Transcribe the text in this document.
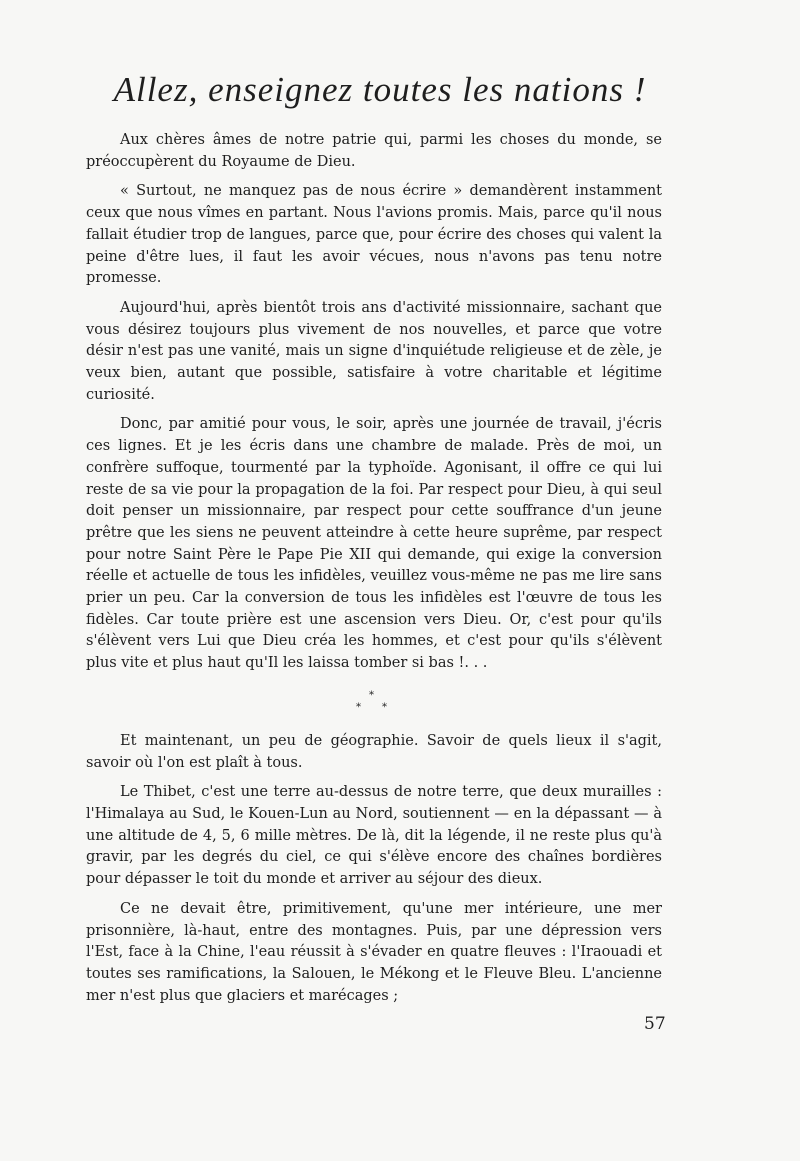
Allez, enseignez toutes les nations !

Aux chères âmes de notre patrie qui, parmi les choses du monde, se préoccupèrent du Royaume de Dieu.

« Surtout, ne manquez pas de nous écrire » demandèrent instamment ceux que nous vîmes en partant. Nous l'avions promis. Mais, parce qu'il nous fallait étudier trop de langues, parce que, pour écrire des choses qui valent la peine d'être lues, il faut les avoir vécues, nous n'avons pas tenu notre promesse.

Aujourd'hui, après bientôt trois ans d'activité missionnaire, sachant que vous désirez toujours plus vivement de nos nouvelles, et parce que votre désir n'est pas une vanité, mais un signe d'inquiétude religieuse et de zèle, je veux bien, autant que possible, satisfaire à votre charitable et légitime curiosité.

Donc, par amitié pour vous, le soir, après une journée de travail, j'écris ces lignes. Et je les écris dans une chambre de malade. Près de moi, un confrère suffoque, tourmenté par la typhoïde. Agonisant, il offre ce qui lui reste de sa vie pour la propagation de la foi. Par respect pour Dieu, à qui seul doit penser un missionnaire, par respect pour cette souffrance d'un jeune prêtre que les siens ne peuvent atteindre à cette heure suprême, par respect pour notre Saint Père le Pape Pie XII qui demande, qui exige la conversion réelle et actuelle de tous les infidèles, veuillez vous-même ne pas me lire sans prier un peu. Car la conversion de tous les infidèles est l'œuvre de tous les fidèles. Car toute prière est une ascension vers Dieu. Or, c'est pour qu'ils s'élèvent vers Lui que Dieu créa les hommes, et c'est pour qu'ils s'élèvent plus vite et plus haut qu'Il les laissa tomber si bas !. . .

*
* *

Et maintenant, un peu de géographie. Savoir de quels lieux il s'agit, savoir où l'on est plaît à tous.

Le Thibet, c'est une terre au-dessus de notre terre, que deux murailles : l'Himalaya au Sud, le Kouen-Lun au Nord, soutiennent — en la dépassant — à une altitude de 4, 5, 6 mille mètres. De là, dit la légende, il ne reste plus qu'à gravir, par les degrés du ciel, ce qui s'élève encore des chaînes bordières pour dépasser le toit du monde et arriver au séjour des dieux.

Ce ne devait être, primitivement, qu'une mer intérieure, une mer prisonnière, là-haut, entre des montagnes. Puis, par une dépression vers l'Est, face à la Chine, l'eau réussit à s'évader en quatre fleuves : l'Iraouadi et toutes ses ramifications, la Salouen, le Mékong et le Fleuve Bleu. L'ancienne mer n'est plus que glaciers et marécages ;

57
